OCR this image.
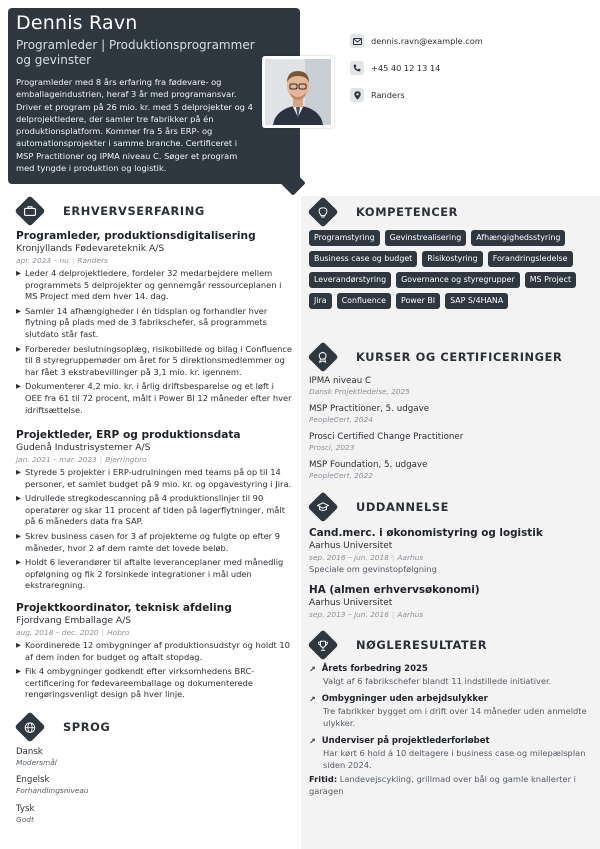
Dennis Ravn
Programleder | Produktionsprogrammer og gevinster
Programleder med 8 års erfaring fra fødevare- og emballageindustrien, heraf 3 år med programansvar. Driver et program på 26 mio. kr. med 5 delprojekter og 4 delprojektledere, der samler tre fabrikker på én produktionsplatform. Kommer fra 5 års ERP- og automationsprojekter i samme branche. Certificeret i MSP Practitioner og IPMA niveau C. Søger et program med tyngde i produktion og logistik.
dennis.ravn@example.com
+45 40 12 13 14
Randers
ERHVERVSERFARING
Programleder, produktionsdigitalisering
Kronjyllands Fødevareteknik A/S
apr. 2023 – nu | Randers
▶ Leder 4 delprojektledere, fordeler 32 medarbejdere mellem programmets 5 delprojekter og gennemgår ressourceplanen i MS Project med dem hver 14. dag.
▶ Samler 14 afhængigheder i én tidsplan og forhandler hver flytning på plads med de 3 fabrikschefer, så programmets slutdato står fast.
▶ Forbereder beslutningsoplæg, risikobillede og bilag i Confluence til 8 styregruppemøder om året for 5 direktionsmedlemmer og har fået 3 ekstrabevillinger på 3,1 mio. kr. igennem.
▶ Dokumenterer 4,2 mio. kr. i årlig driftsbesparelse og et løft i OEE fra 61 til 72 procent, målt i Power BI 12 måneder efter hver idriftsættelse.
Projektleder, ERP og produktionsdata
Gudenå Industrisystemer A/S
jan. 2021 – mar. 2023 | Bjerringbro
▶ Styrede 5 projekter i ERP-udrulningen med teams på op til 14 personer, et samlet budget på 9 mio. kr. og opgavestyring i Jira.
▶ Udrullede stregkodescanning på 4 produktionslinjer til 90 operatører og skar 11 procent af tiden på lagerflytninger, målt på 6 måneders data fra SAP.
▶ Skrev business casen for 3 af projekterne og fulgte op efter 9 måneder, hvor 2 af dem ramte det lovede beløb.
▶ Holdt 6 leverandører til aftalte leveranceplaner med månedlig opfølgning og fik 2 forsinkede integrationer i mål uden ekstraregning.
Projektkoordinator, teknisk afdeling
Fjordvang Emballage A/S
aug. 2018 – dec. 2020 | Hobro
▶ Koordinerede 12 ombygninger af produktionsudstyr og holdt 10 af dem inden for budget og aftalt stopdag.
▶ Fik 4 ombygninger godkendt efter virksomhedens BRC-certificering for fødevareemballage og dokumenterede rengøringsvenligt design på hver linje.
SPROG
Dansk
Modersmål
Engelsk
Forhandlingsniveau
Tysk
Godt
KOMPETENCER
Programstyring	Gevinstrealisering	Afhængighedsstyring
Business case og budget	Risikostyring	Forandringsledelse
Leverandørstyring	Governance og styregrupper	MS Project
Jira	Confluence	Power BI	SAP S/4HANA
KURSER OG CERTIFICERINGER
IPMA niveau C
Dansk Projektledelse, 2025
MSP Practitioner, 5. udgave
PeopleCert, 2024
Prosci Certified Change Practitioner
Prosci, 2023
MSP Foundation, 5. udgave
PeopleCert, 2022
UDDANNELSE
Cand.merc. i økonomistyring og logistik
Aarhus Universitet
sep. 2016 – jun. 2018 | Aarhus
Speciale om gevinstopfølgning
HA (almen erhvervsøkonomi)
Aarhus Universitet
sep. 2013 – jun. 2016 | Aarhus
NØGLERESULTATER
↗ Årets forbedring 2025
Valgt af 6 fabrikschefer blandt 11 indstillede initiativer.
↗ Ombygninger uden arbejdsulykker
Tre fabrikker bygget om i drift over 14 måneder uden anmeldte ulykker.
↗ Underviser på projektlederforløbet
Har kørt 6 hold á 10 deltagere i business case og milepælsplan siden 2024.
Fritid: Landevejscykling, grillmad over bål og gamle knallerter i garagen
